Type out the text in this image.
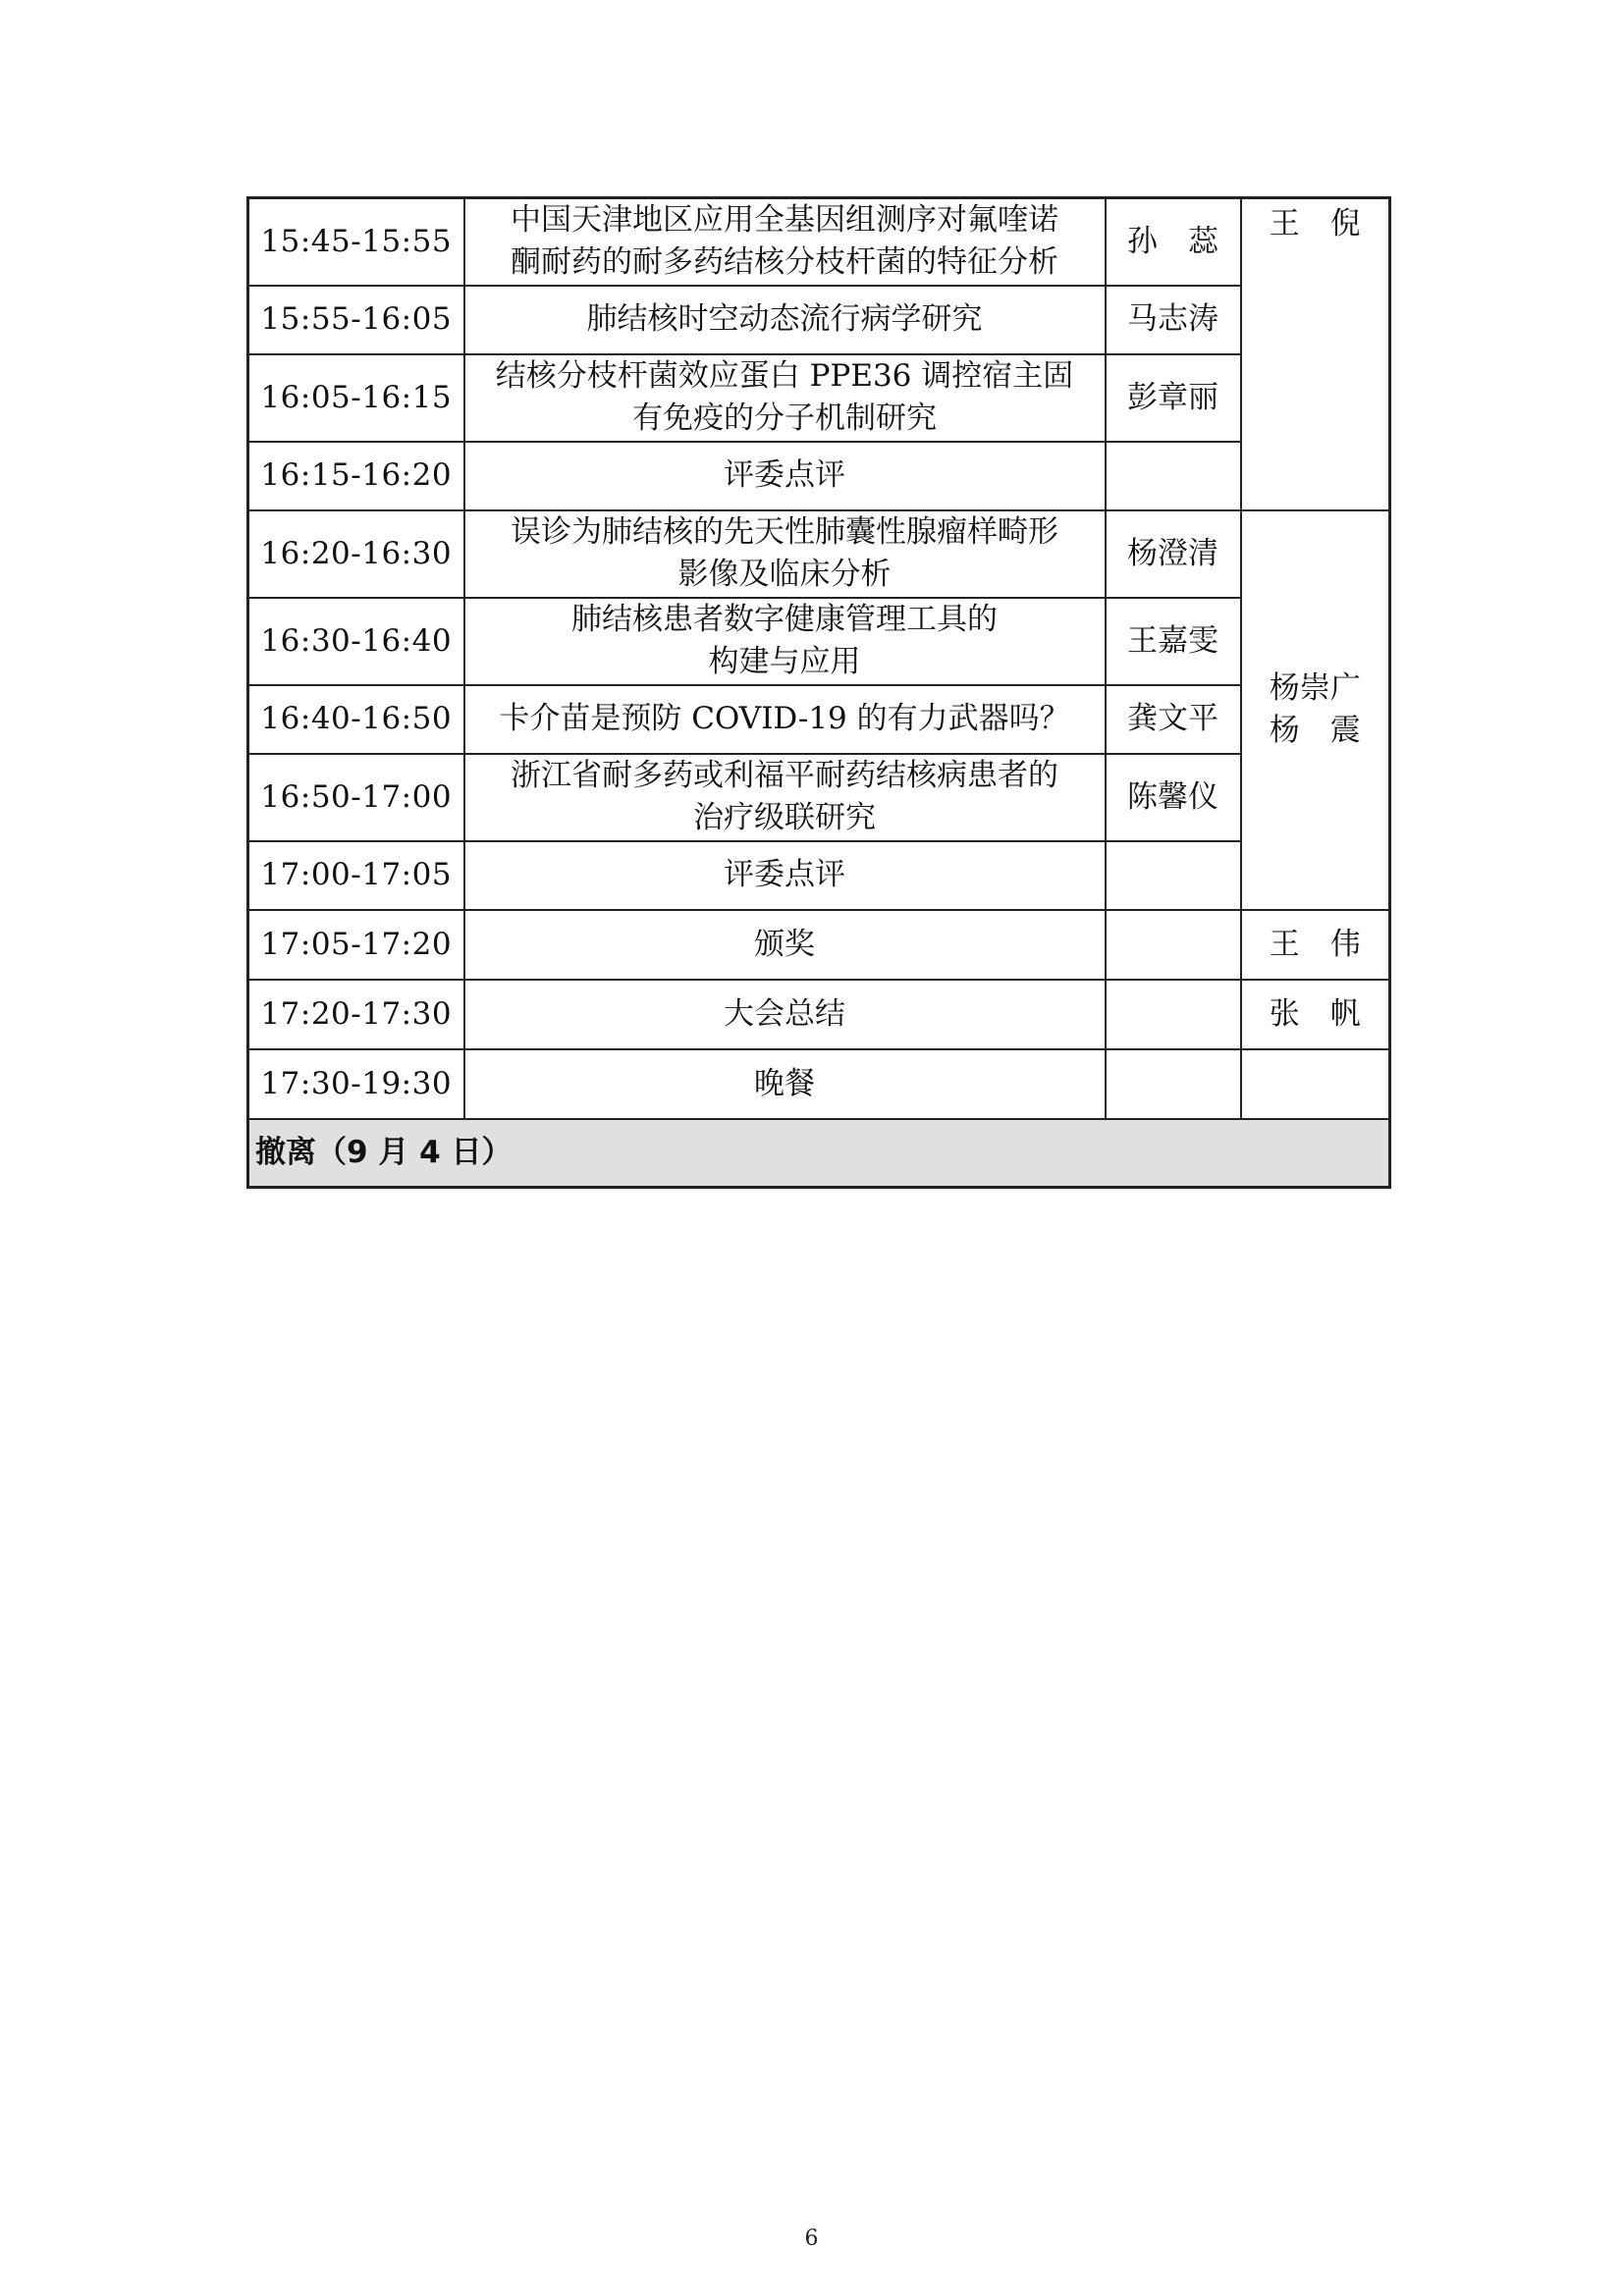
15:45-15:55	中国天津地区应用全基因组测序对氟喹诺
酮耐药的耐多药结核分枝杆菌的特征分析	孙　蕊	王　倪
15:55-16:05	肺结核时空动态流行病学研究	马志涛	
16:05-16:15	结核分枝杆菌效应蛋白 PPE36 调控宿主固
有免疫的分子机制研究	彭章丽	
16:15-16:20	评委点评		

16:20-16:30	误诊为肺结核的先天性肺囊性腺瘤样畸形
影像及临床分析	杨澄清	杨崇广
杨　震

16:30-16:40	肺结核患者数字健康管理工具的
构建与应用	王嘉雯	
16:40-16:50	卡介苗是预防 COVID-19 的有力武器吗？	龚文平	
16:50-17:00	浙江省耐多药或利福平耐药结核病患者的
治疗级联研究	陈馨仪	
17:00-17:05	评委点评		

17:05-17:20	颁奖		王　伟
17:20-17:30	大会总结		张　帆
17:30-19:30	晚餐		

撤离（9 月 4 日）			
6
